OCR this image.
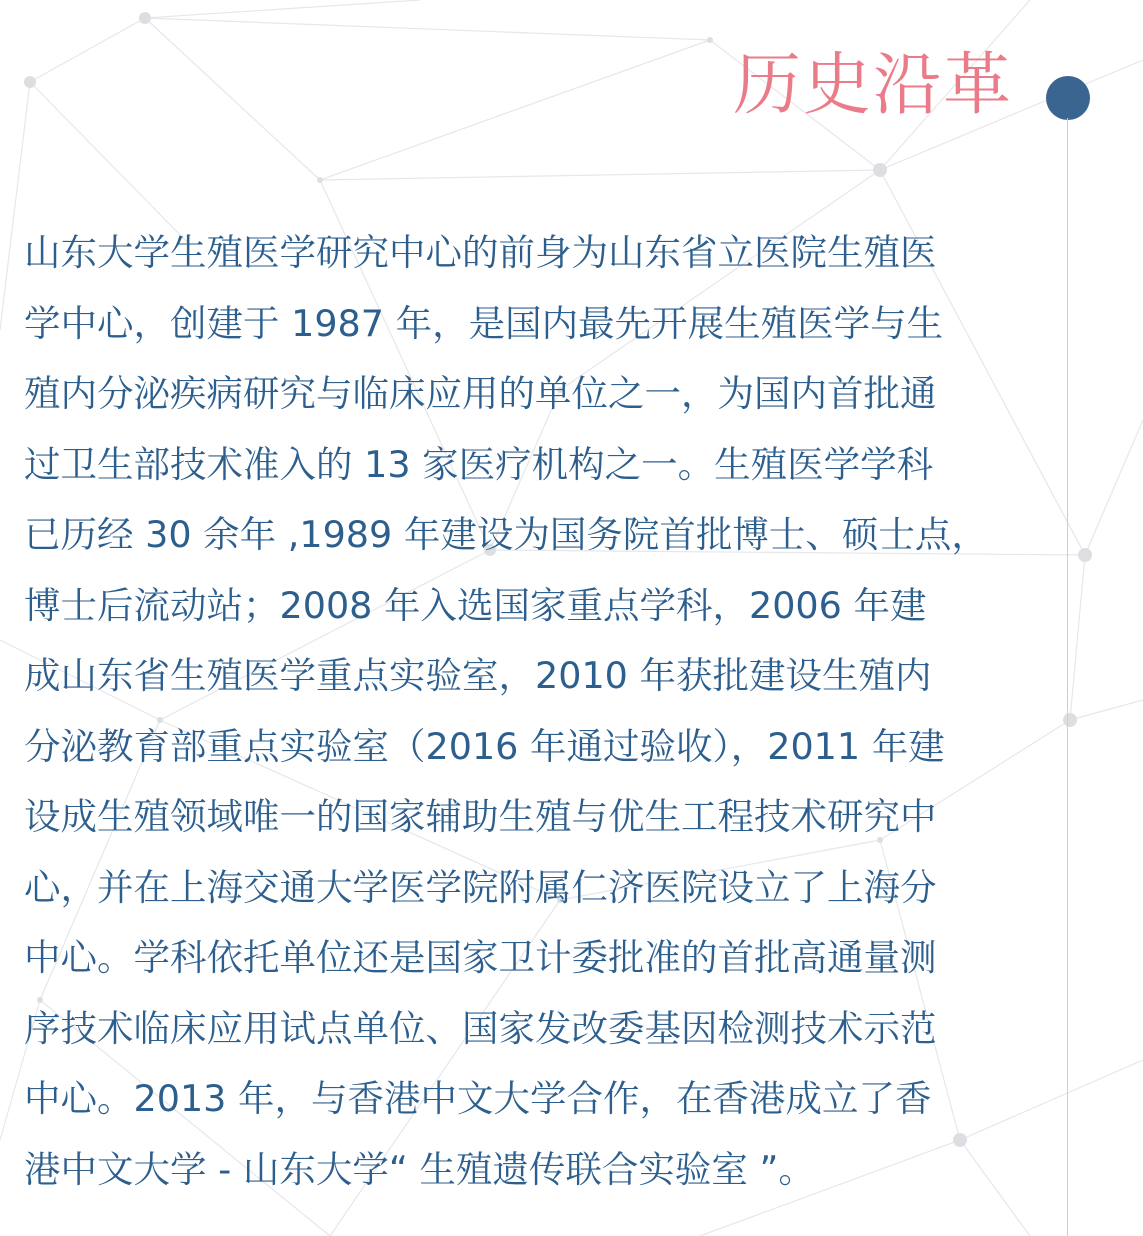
历史沿革

山东大学生殖医学研究中心的前身为山东省立医院生殖医
学中心，创建于 1987 年，是国内最先开展生殖医学与生
殖内分泌疾病研究与临床应用的单位之一，为国内首批通
过卫生部技术准入的 13 家医疗机构之一。生殖医学学科
已历经 30 余年 ,1989 年建设为国务院首批博士、硕士点，
博士后流动站；2008 年入选国家重点学科，2006 年建
成山东省生殖医学重点实验室，2010 年获批建设生殖内
分泌教育部重点实验室（2016 年通过验收），2011 年建
设成生殖领域唯一的国家辅助生殖与优生工程技术研究中
心，并在上海交通大学医学院附属仁济医院设立了上海分
中心。学科依托单位还是国家卫计委批准的首批高通量测
序技术临床应用试点单位、国家发改委基因检测技术示范
中心。2013 年，与香港中文大学合作，在香港成立了香
港中文大学 - 山东大学“ 生殖遗传联合实验室 ”。
